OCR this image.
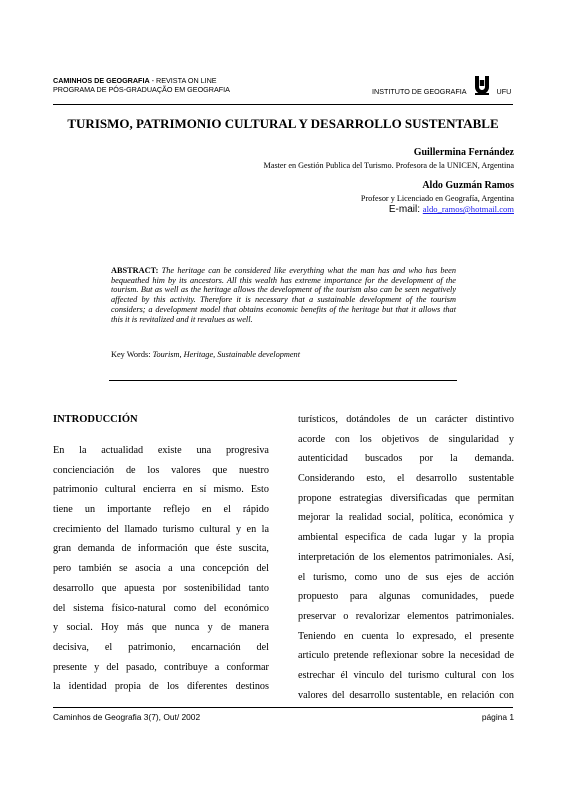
CAMINHOS DE GEOGRAFIA - REVISTA ON LINE
PROGRAMA DE PÓS-GRADUAÇÃO EM GEOGRAFIA	INSTITUTO DE GEOGRAFIA	UFU
TURISMO, PATRIMONIO CULTURAL Y DESARROLLO SUSTENTABLE
Guillermina Fernández
Master en Gestión Publica del Turismo. Profesora de la UNICEN, Argentina
Aldo Guzmán Ramos
Profesor y Licenciado en Geografía, Argentina
E-mail: aldo_ramos@hotmail.com
ABSTRACT: The heritage can be considered like everything what the man has and who has been bequeathed him by its ancestors. All this wealth has extreme importance for the development of the tourism. But as well as the heritage allows the development of the tourism also can be seen negatively affected by this activity. Therefore it is necessary that a sustainable development of the tourism considers; a development model that obtains economic benefits of the heritage but that it allows that this it is revitalized and it revalues as well.
Key Words: Tourism, Heritage, Sustainable development
INTRODUCCIÓN
En la actualidad existe una progresiva
concienciación de los valores que nuestro
patrimonio cultural encierra en sí mismo. Esto
tiene un importante reflejo en el rápido
crecimiento del llamado turismo cultural y en la
gran demanda de información que éste suscita,
pero también se asocia a una concepción del
desarrollo que apuesta por sostenibilidad tanto
del sistema físico-natural como del económico
y social. Hoy más que nunca y de manera
decisiva, el patrimonio, encarnación del
presente y del pasado, contribuye a conformar
la identidad propia de los diferentes destinos
turísticos, dotándoles de un carácter distintivo
acorde con los objetivos de singularidad y
autenticidad buscados por la demanda.
Considerando esto, el desarrollo sustentable
propone estrategias diversificadas que permitan
mejorar la realidad social, política, económica y
ambiental especifica de cada lugar y la propia
interpretación de los elementos patrimoniales. Así,
el turismo, como uno de sus ejes de acción
propuesto para algunas comunidades, puede
preservar o revalorizar elementos patrimoniales.
Teniendo en cuenta lo expresado, el presente
articulo pretende reflexionar sobre la necesidad de
estrechar él vinculo del turismo cultural con los
valores del desarrollo sustentable, en relación con
Caminhos de Geografia 3(7), Out/ 2002	página 1
